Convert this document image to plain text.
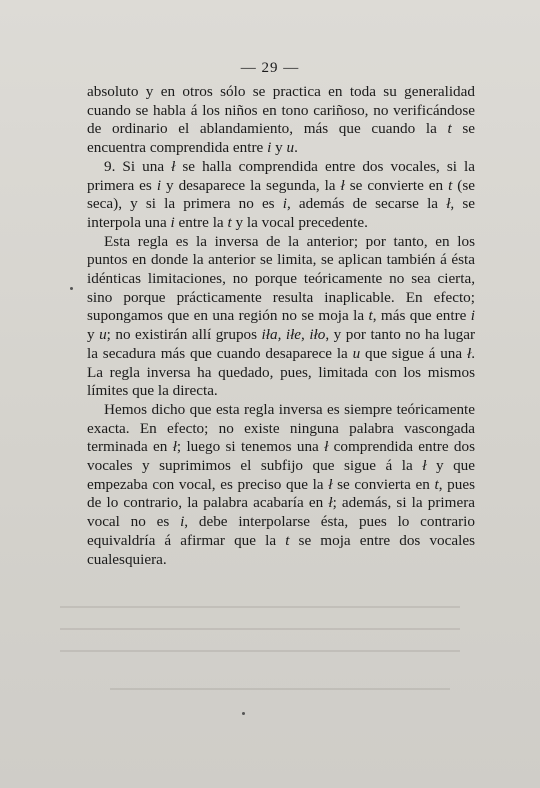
— 29 —

absoluto y en otros sólo se practica en toda su generalidad cuando se habla á los niños en tono cariñoso, no verificándose de ordinario el ablandamiento, más que cuando la t se encuentra comprendida entre i y u.

9. Si una ł se halla comprendida entre dos vocales, si la primera es i y desaparece la segunda, la ł se convierte en t (se seca), y si la primera no es i, además de secarse la ł, se interpola una i entre la t y la vocal precedente.

Esta regla es la inversa de la anterior; por tanto, en los puntos en donde la anterior se limita, se aplican también á ésta idénticas limitaciones, no porque teóricamente no sea cierta, sino porque prácticamente resulta inaplicable. En efecto; supongamos que en una región no se moja la t, más que entre i y u; no existirán allí grupos iła, iłe, iło, y por tanto no ha lugar la secadura más que cuando desaparece la u que sigue á una ł. La regla inversa ha quedado, pues, limitada con los mismos límites que la directa.

Hemos dicho que esta regla inversa es siempre teóricamente exacta. En efecto; no existe ninguna palabra vascongada terminada en ł; luego si tenemos una ł comprendida entre dos vocales y suprimimos el subfijo que sigue á la ł y que empezaba con vocal, es preciso que la ł se convierta en t, pues de lo contrario, la palabra acabaría en ł; además, si la primera vocal no es i, debe interpolarse ésta, pues lo contrario equivaldría á afirmar que la t se moja entre dos vocales cualesquiera.
